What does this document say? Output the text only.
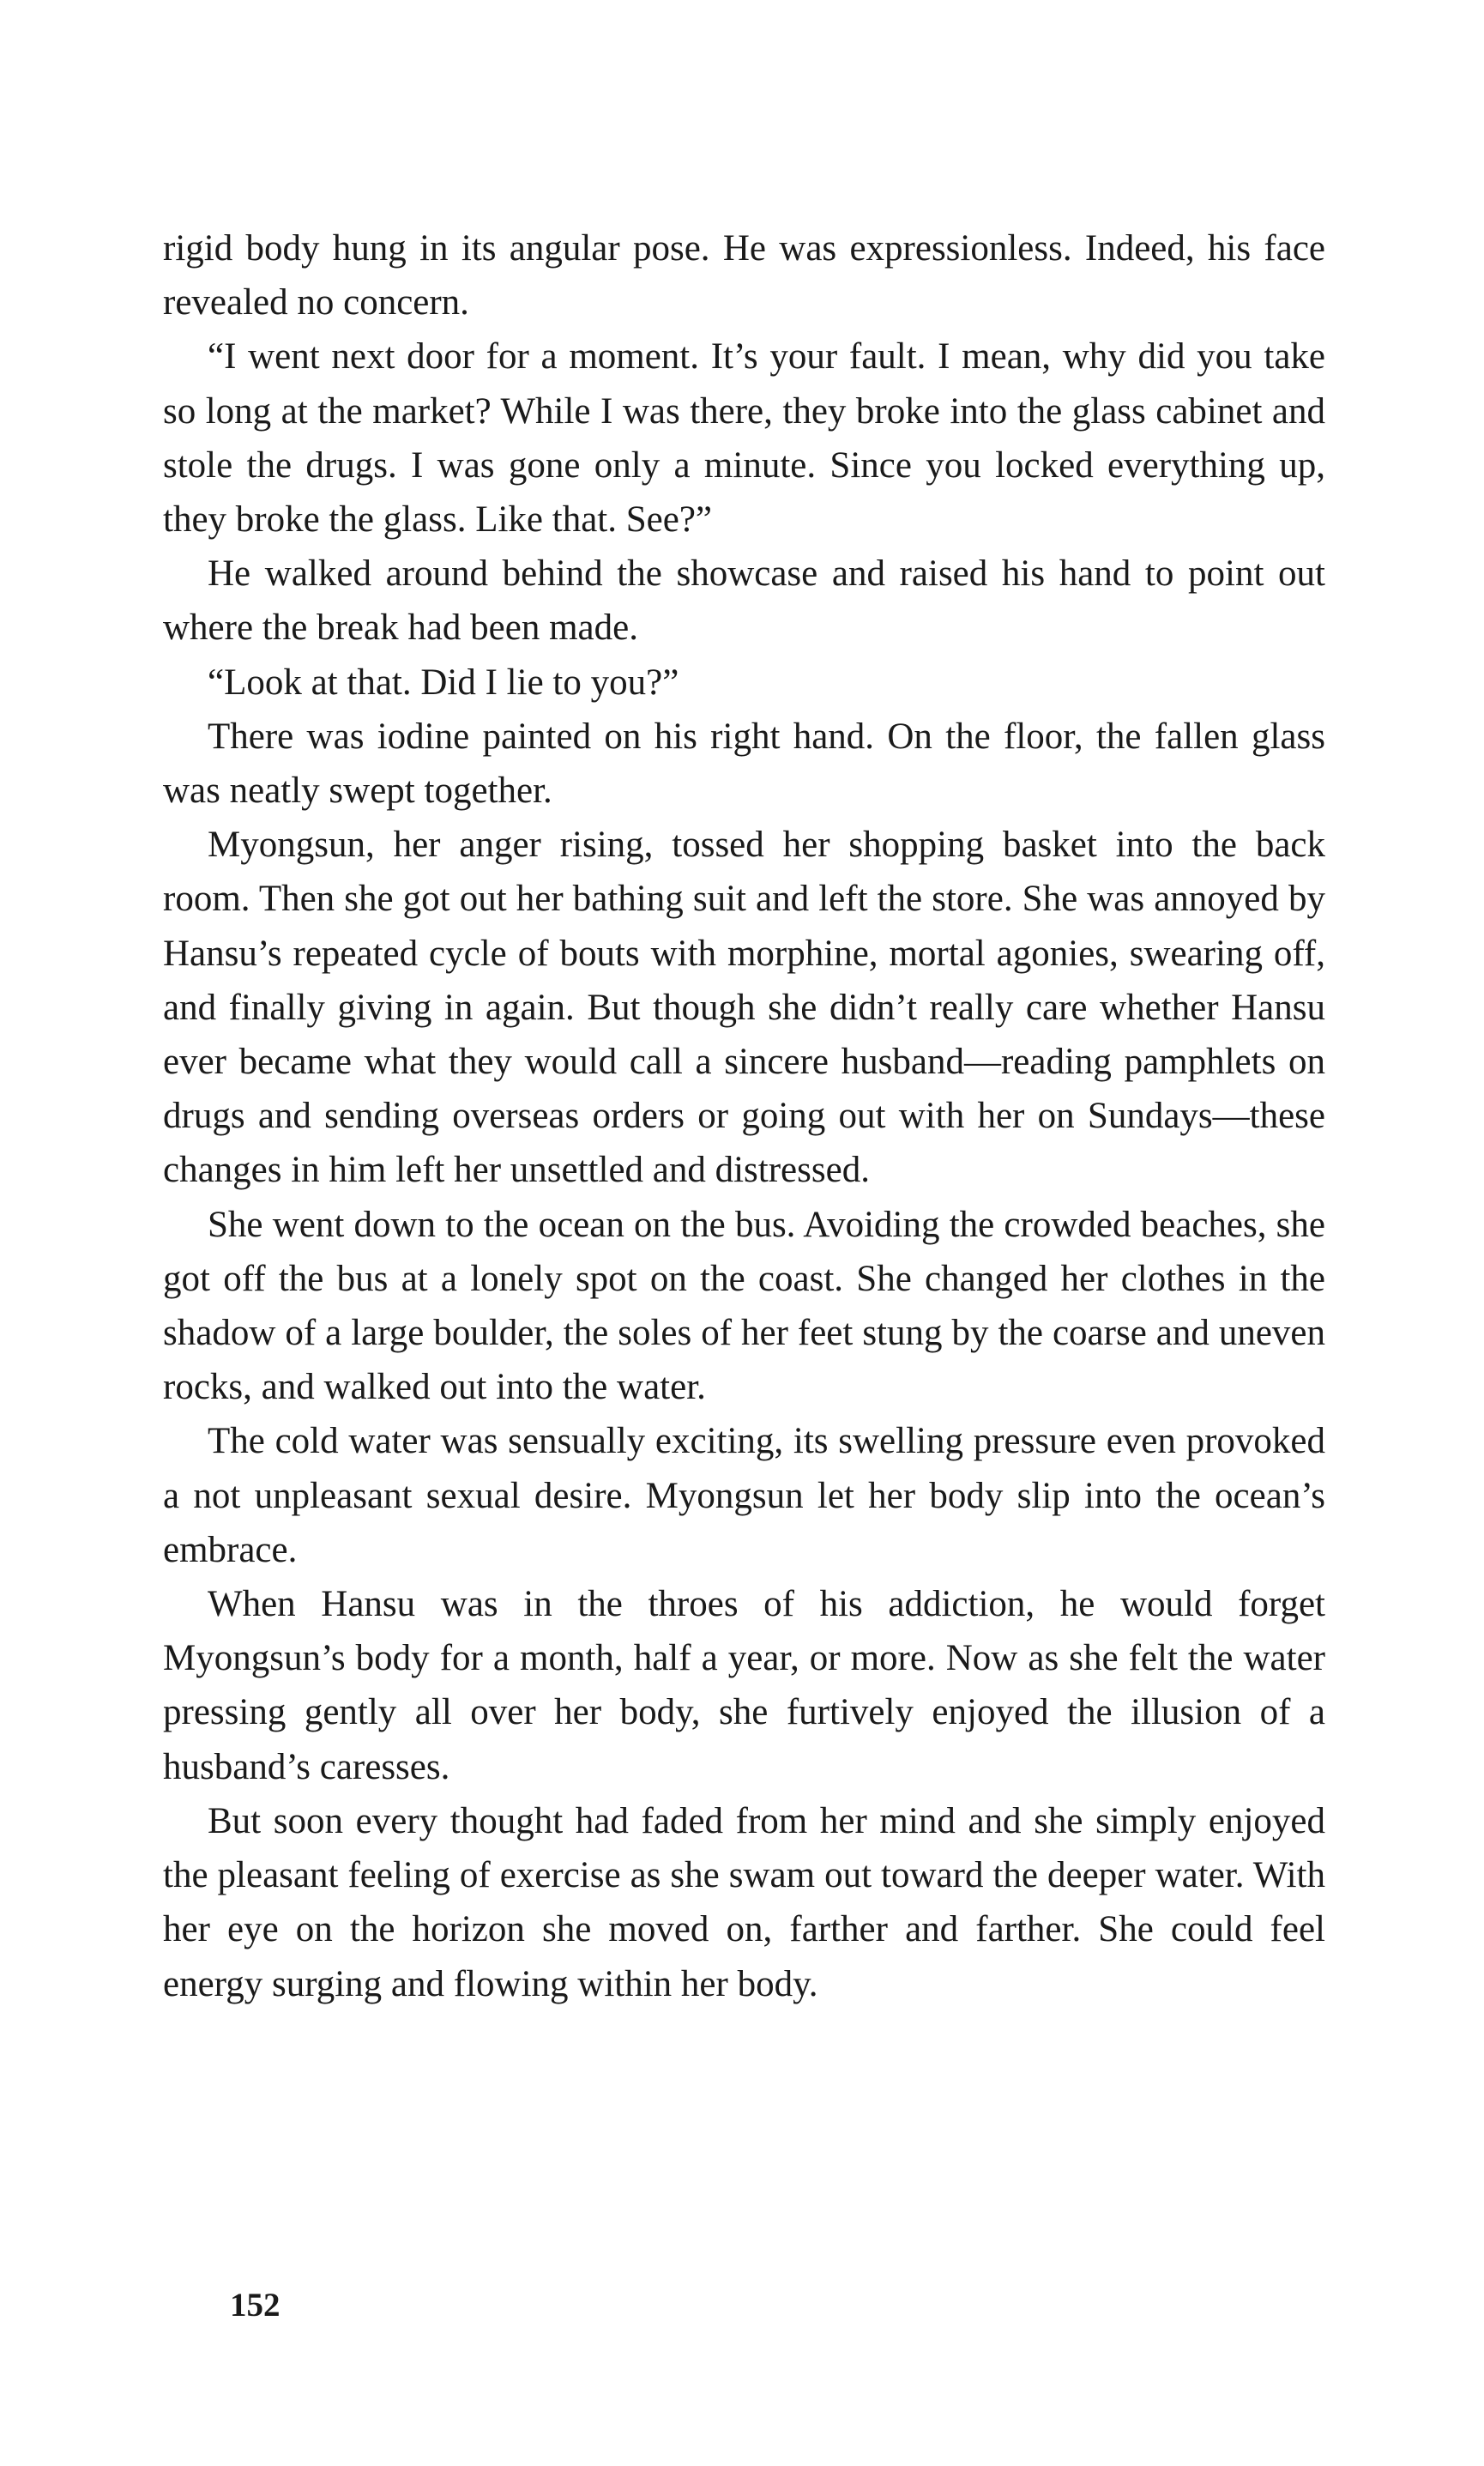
rigid body hung in its angular pose. He was expressionless. Indeed, his face revealed no concern.

“I went next door for a moment. It’s your fault. I mean, why did you take so long at the market? While I was there, they broke into the glass cabinet and stole the drugs. I was gone only a minute. Since you locked everything up, they broke the glass. Like that. See?”

He walked around behind the showcase and raised his hand to point out where the break had been made.

“Look at that. Did I lie to you?”

There was iodine painted on his right hand. On the floor, the fallen glass was neatly swept together.

Myongsun, her anger rising, tossed her shopping basket into the back room. Then she got out her bathing suit and left the store. She was annoyed by Hansu’s repeated cycle of bouts with morphine, mortal agonies, swearing off, and finally giving in again. But though she didn’t really care whether Hansu ever became what they would call a sincere husband—reading pamphlets on drugs and sending overseas orders or going out with her on Sundays—these changes in him left her unsettled and distressed.

She went down to the ocean on the bus. Avoiding the crowded beaches, she got off the bus at a lonely spot on the coast. She changed her clothes in the shadow of a large boulder, the soles of her feet stung by the coarse and uneven rocks, and walked out into the water.

The cold water was sensually exciting, its swelling pressure even provoked a not unpleasant sexual desire. Myongsun let her body slip into the ocean’s embrace.

When Hansu was in the throes of his addiction, he would forget Myongsun’s body for a month, half a year, or more. Now as she felt the water pressing gently all over her body, she furtively enjoyed the illusion of a husband’s caresses.

But soon every thought had faded from her mind and she simply enjoyed the pleasant feeling of exercise as she swam out toward the deeper water. With her eye on the horizon she moved on, farther and farther. She could feel energy surging and flowing within her body.

152
